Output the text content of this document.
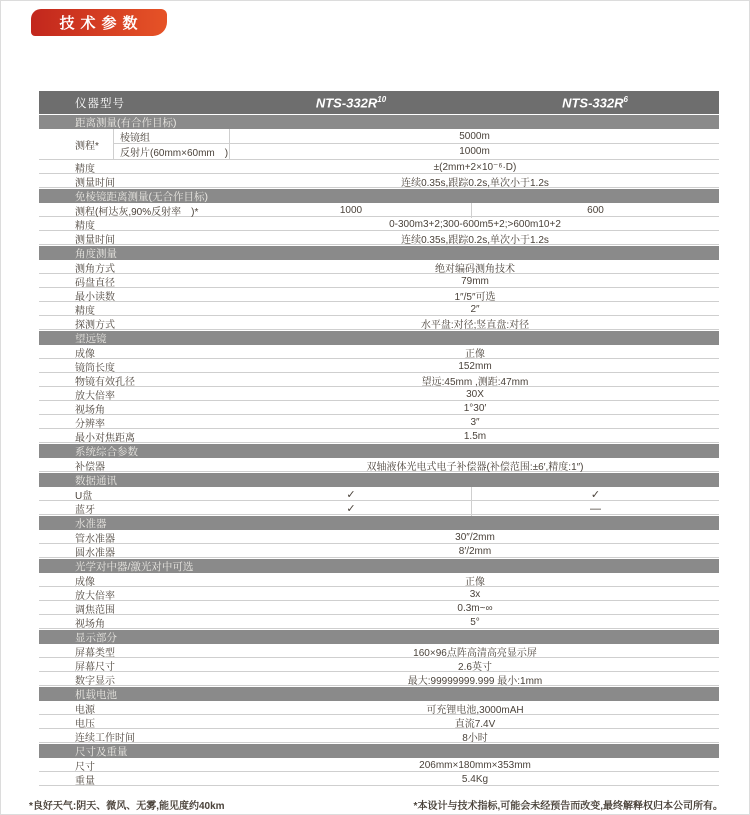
技术参数
仪器型号	NTS-$332R^{10}$	NTS-$332R^6$
距离测量(有合作目标)
测程*
棱镜组	5000m
反射片(60mm×60mm　)	1000m
精度	±(2mm+2×10⁻⁶·D)
测量时间	连续0.35s,跟踪0.2s,单次小于1.2s
免棱镜距离测量(无合作目标)
测程(柯达灰,90%反射率　)*	1000	600
精度	0-300m3+2;300-600m5+2;>600m10+2
测量时间	连续0.35s,跟踪0.2s,单次小于1.2s
角度测量
测角方式	绝对编码测角技术
码盘直径	79mm
最小读数	1″/5″可选
精度	2″
探测方式	水平盘:对径;竖直盘:对径
望远镜
成像	正像
镜筒长度	152mm
物镜有效孔径	望远:45mm ,测距:47mm
放大倍率	30X
视场角	1°30′
分辨率	3″
最小对焦距离	1.5m
系统综合参数
补偿器	双轴液体光电式电子补偿器(补偿范围:±6′,精度:1″)
数据通讯
U盘	✓	✓
蓝牙	✓	—
水准器
管水准器	30″/2mm
圆水准器	8′/2mm
光学对中器/激光对中可选
成像	正像
放大倍率	3x
调焦范围	0.3m~∞
视场角	5°
显示部分
屏幕类型	160×96点阵高清高亮显示屏
屏幕尺寸	2.6英寸
数字显示	最大:99999999.999 最小:1mm
机载电池
电源	可充锂电池,3000mAH
电压	直流7.4V
连续工作时间	8小时
尺寸及重量
尺寸	206mm×180mm×353mm
重量	5.4Kg
*良好天气:阴天、微风、无雾,能见度约40km	*本设计与技术指标,可能会未经预告而改变,最终解释权归本公司所有。
